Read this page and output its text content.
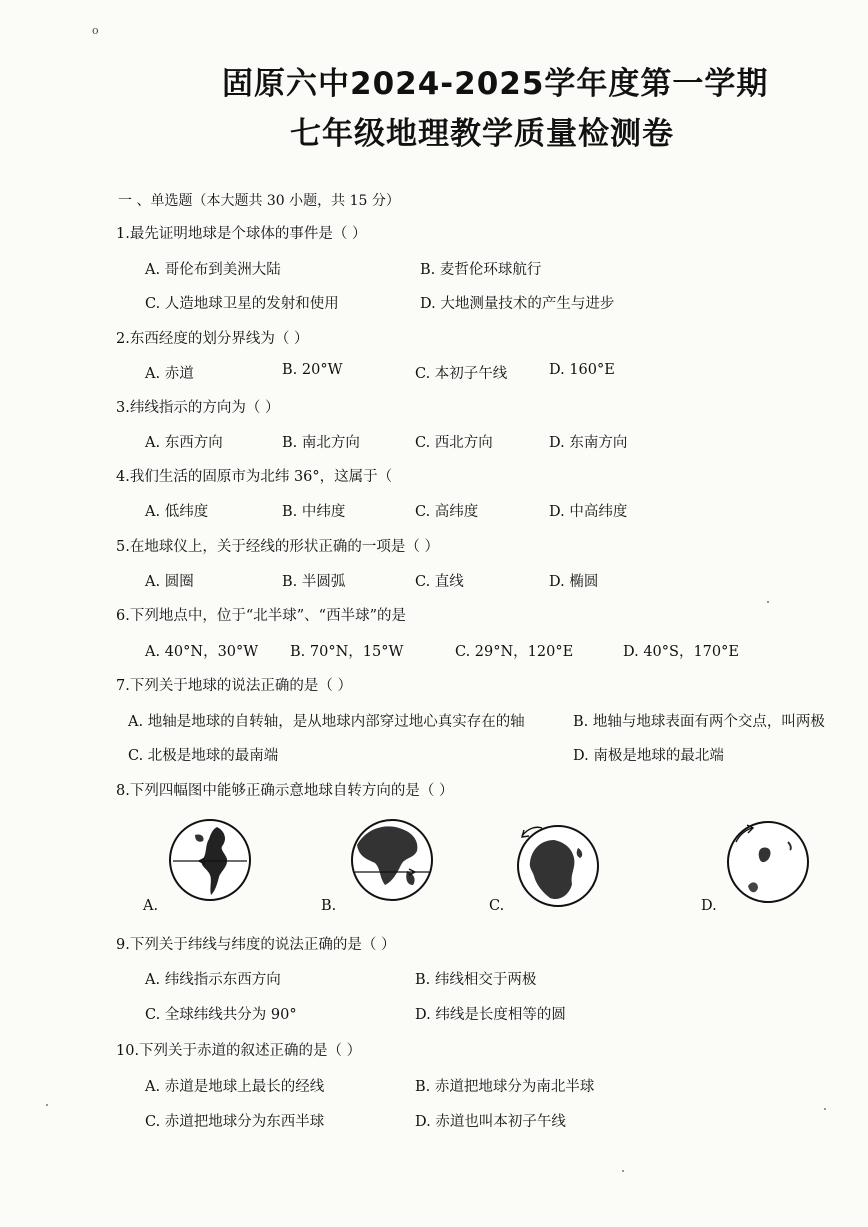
o
固原六中2024-2025学年度第一学期
七年级地理教学质量检测卷
一 、单选题（本大题共 30 小题，共 15 分）
1.最先证明地球是个球体的事件是（ ）
A. 哥伦布到美洲大陆	B. 麦哲伦环球航行
C. 人造地球卫星的发射和使用	D. 大地测量技术的产生与进步
2.东西经度的划分界线为（ ）
A. 赤道	B. 20°W	C. 本初子午线	D. 160°E
3.纬线指示的方向为（ ）
A. 东西方向	B. 南北方向	C. 西北方向	D. 东南方向
4.我们生活的固原市为北纬 36°，这属于（
A. 低纬度	B. 中纬度	C. 高纬度	D. 中高纬度
5.在地球仪上，关于经线的形状正确的一项是（ ）
A. 圆圈	B. 半圆弧	C. 直线	D. 椭圆
6.下列地点中，位于“北半球”、“西半球”的是
A. 40°N，30°W B. 70°N，15°W	C. 29°N，120°E	D. 40°S，170°E
7.下列关于地球的说法正确的是（ ）
A. 地轴是地球的自转轴，是从地球内部穿过地心真实存在的轴	B. 地轴与地球表面有两个交点，叫两极
C. 北极是地球的最南端	D. 南极是地球的最北端
8.下列四幅图中能够正确示意地球自转方向的是（ ）
A.	B.	C.	D.
9.下列关于纬线与纬度的说法正确的是（ ）
A. 纬线指示东西方向	B. 纬线相交于两极
C. 全球纬线共分为 90°	D. 纬线是长度相等的圆
10.下列关于赤道的叙述正确的是（ ）
A. 赤道是地球上最长的经线	B. 赤道把地球分为南北半球
C. 赤道把地球分为东西半球	D. 赤道也叫本初子午线
